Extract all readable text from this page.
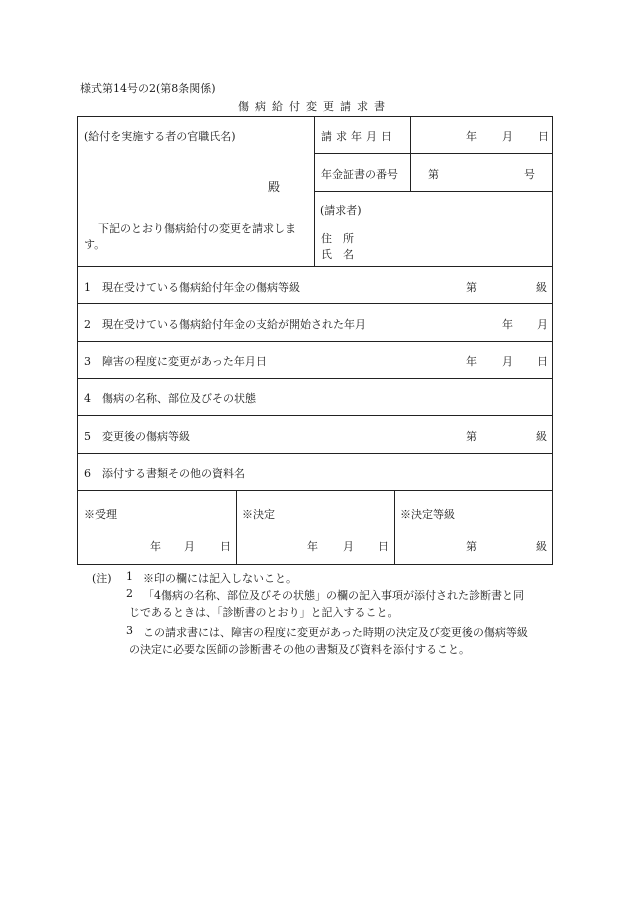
様式第14号の2(第8条関係)
傷病給付変更請求書
(給付を実施する者の官職氏名)
殿
下記のとおり傷病給付の変更を請求しま
す。
請求年月日	年 月 日
年金証書の番号	第	号
(請求者)
住　所
氏　名
1　現在受けている傷病給付年金の傷病等級	第	級
2　現在受けている傷病給付年金の支給が開始された年月	年 月
3　障害の程度に変更があった年月日	年 月 日
4　傷病の名称、部位及びその状態
5　変更後の傷病等級	第	級
6　添付する書類その他の資料名
※受理
年 月 日
※決定
年 月 日
※決定等級
第	級
(注) 1 ※印の欄には記入しないこと。
2 「4傷病の名称、部位及びその状態」の欄の記入事項が添付された診断書と同
じであるときは、「診断書のとおり」と記入すること。
3 この請求書には、障害の程度に変更があった時期の決定及び変更後の傷病等級
の決定に必要な医師の診断書その他の書類及び資料を添付すること。
